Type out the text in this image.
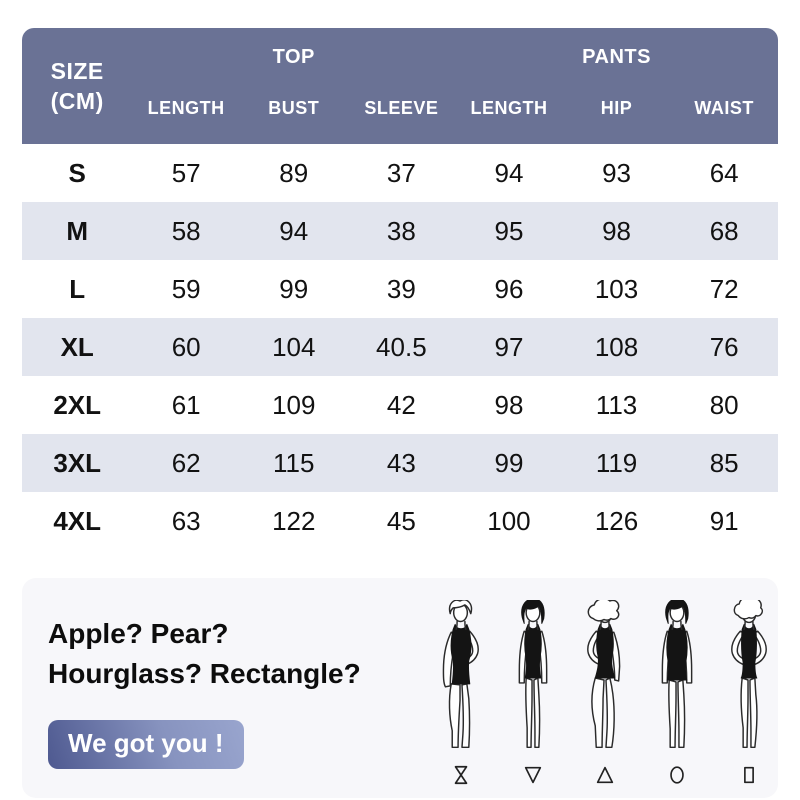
SIZE
(CM)	TOP			PANTS		
	LENGTH	BUST	SLEEVE	LENGTH	HIP	WAIST
S	57	89	37	94	93	64
M	58	94	38	95	98	68
L	59	99	39	96	103	72
XL	60	104	40.5	97	108	76
2XL	61	109	42	98	113	80
3XL	62	115	43	99	119	85
4XL	63	122	45	100	126	91
Apple? Pear?
Hourglass? Rectangle?
We got you !
